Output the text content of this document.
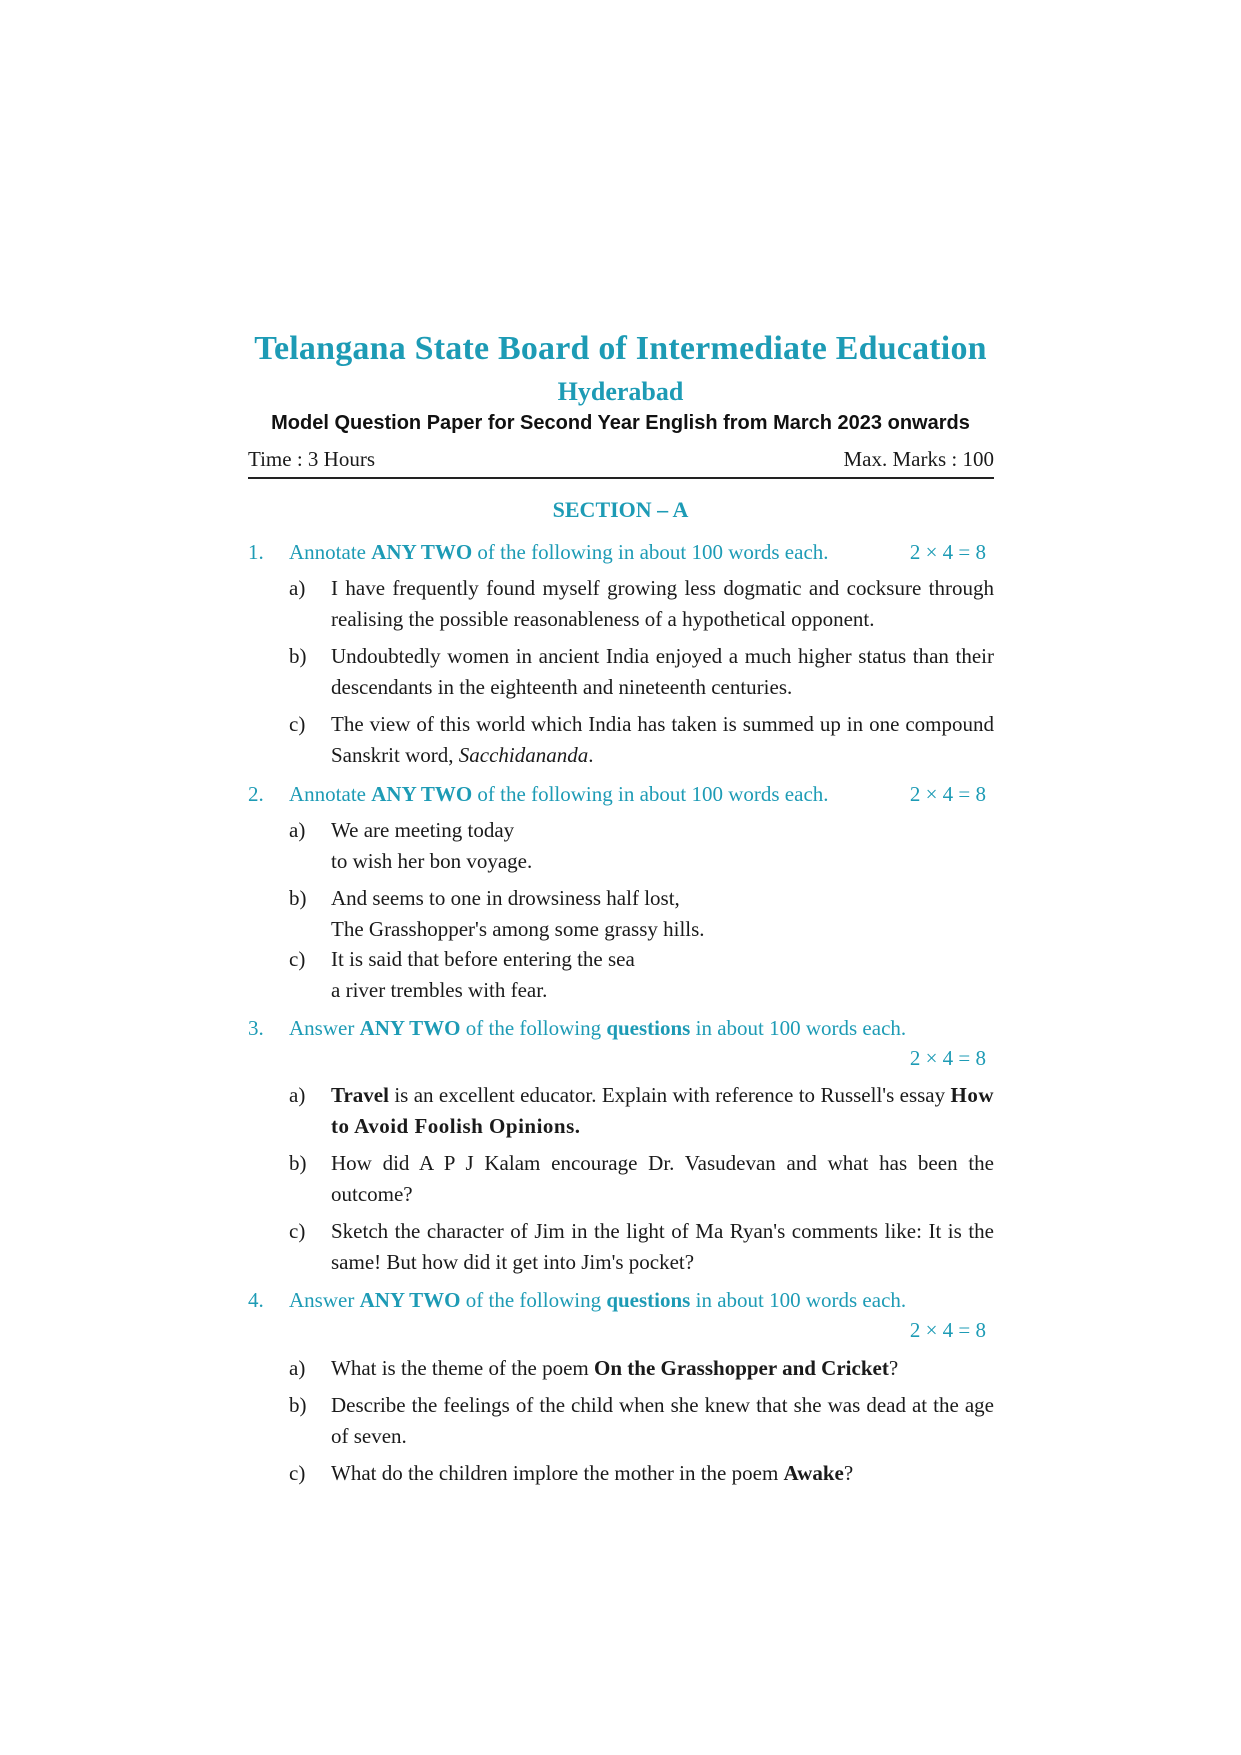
Telangana State Board of Intermediate Education
Hyderabad
Model Question Paper for Second Year English from March 2023 onwards
Time : 3 Hours	Max. Marks : 100
SECTION – A
1. Annotate ANY TWO of the following in about 100 words each.	2 × 4 = 8
a) I have frequently found myself growing less dogmatic and cocksure through realising the possible reasonableness of a hypothetical opponent.
b) Undoubtedly women in ancient India enjoyed a much higher status than their descendants in the eighteenth and nineteenth centuries.
c) The view of this world which India has taken is summed up in one compound Sanskrit word, Sacchidananda.
2. Annotate ANY TWO of the following in about 100 words each.	2 × 4 = 8
a) We are meeting today
to wish her bon voyage.
b) And seems to one in drowsiness half lost,
The Grasshopper's among some grassy hills.
c) It is said that before entering the sea
a river trembles with fear.
3. Answer ANY TWO of the following questions in about 100 words each.
2 × 4 = 8
a) Travel is an excellent educator. Explain with reference to Russell's essay How to Avoid Foolish Opinions.
b) How did A P J Kalam encourage Dr. Vasudevan and what has been the outcome?
c) Sketch the character of Jim in the light of Ma Ryan's comments like: It is the same! But how did it get into Jim's pocket?
4. Answer ANY TWO of the following questions in about 100 words each.
2 × 4 = 8
a) What is the theme of the poem On the Grasshopper and Cricket?
b) Describe the feelings of the child when she knew that she was dead at the age of seven.
c) What do the children implore the mother in the poem Awake?
